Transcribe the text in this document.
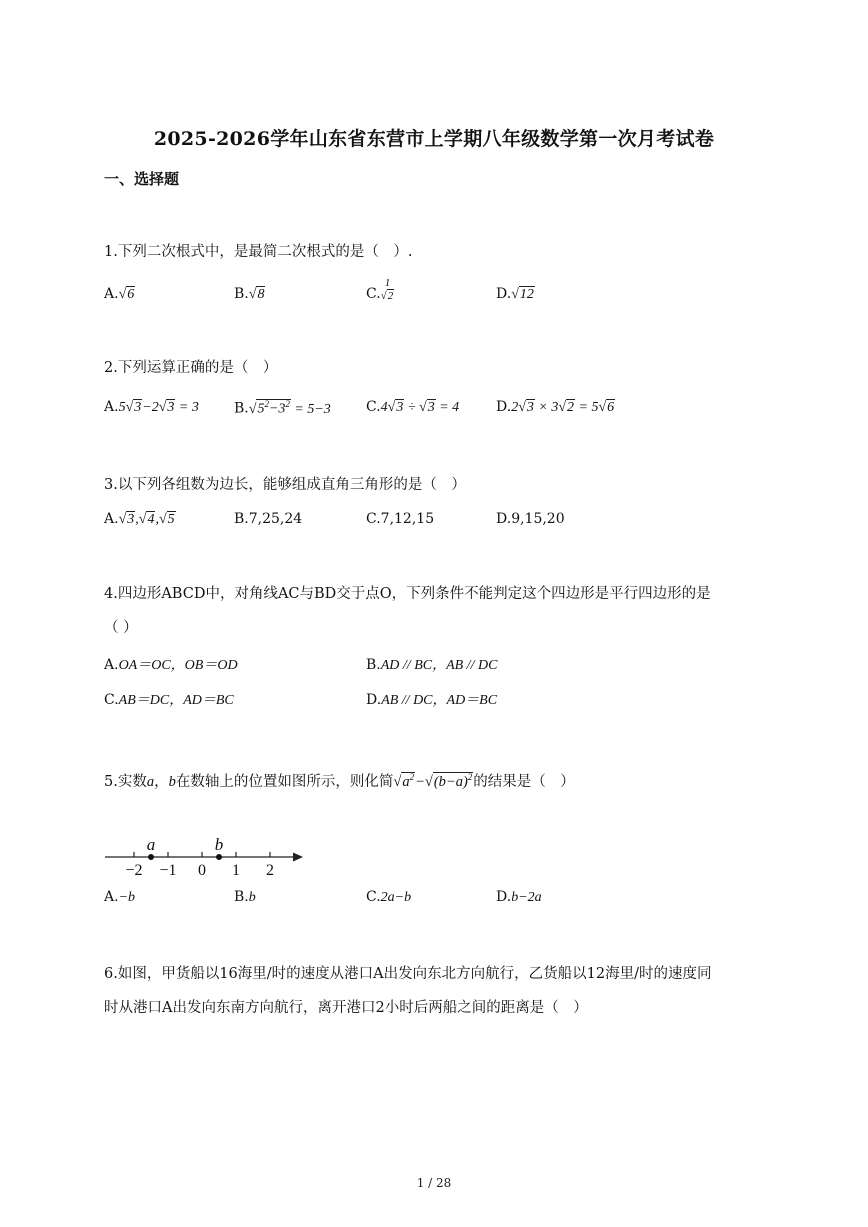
2025-2026学年山东省东营市上学期八年级数学第一次月考试卷
一、选择题
1.下列二次根式中，是最简二次根式的是（　）.
A.√6	B.√8	C.
1
√2	D.√12
2.下列运算正确的是（　）
A.5√3−2√3 = 3	$B.√5^2-3^2 = 5-3$	C.4√3 ÷ √3 = 4	D.2√3 × 3√2 = 5√6
3.以下列各组数为边长，能够组成直角三角形的是（　）
A.√3,√4,√5	B.7,25,24	C.7,12,15	D.9,15,20
4.四边形ABCD中，对角线AC与BD交于点O，下列条件不能判定这个四边形是平行四边形的是
（ ）
A.OA＝OC，OB＝OD	B.AD // BC，AB // DC
C.AB＝DC，AD＝BC	D.AB // DC，AD＝BC
5.实数a，b在数轴上的位置如图所示，则化简$√a^2-√(b-a)^2$的结果是（　）
−2 −1 0 1 2
a	b
A.−b	B.b	C.2a−b	D.b−2a
6.如图，甲货船以16海里/时的速度从港口A出发向东北方向航行，乙货船以12海里/时的速度同
时从港口A出发向东南方向航行，离开港口2小时后两船之间的距离是（　）
1 / 28
